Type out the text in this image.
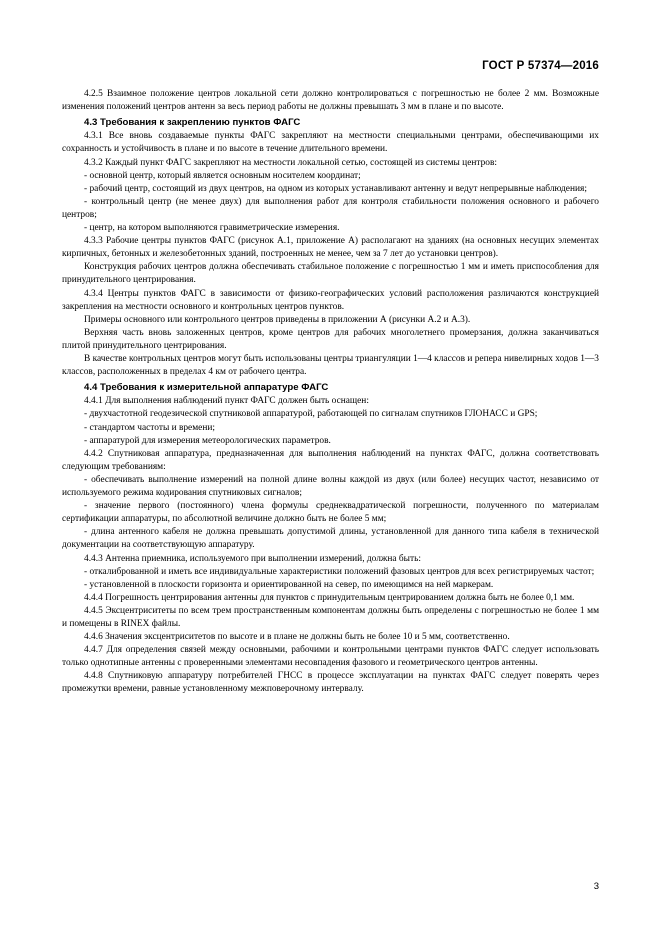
ГОСТ Р 57374—2016

4.2.5 Взаимное положение центров локальной сети должно контролироваться с погрешностью не более 2 мм. Возможные изменения положений центров антенн за весь период работы не должны превышать 3 мм в плане и по высоте.

4.3 Требования к закреплению пунктов ФАГС

4.3.1 Все вновь создаваемые пункты ФАГС закрепляют на местности специальными центрами, обеспечивающими их сохранность и устойчивость в плане и по высоте в течение длительного времени.

4.3.2 Каждый пункт ФАГС закрепляют на местности локальной сетью, состоящей из системы центров:

- основной центр, который является основным носителем координат;

- рабочий центр, состоящий из двух центров, на одном из которых устанавливают антенну и ведут непрерывные наблюдения;

- контрольный центр (не менее двух) для выполнения работ для контроля стабильности положения основного и рабочего центров;

- центр, на котором выполняются гравиметрические измерения.

4.3.3 Рабочие центры пунктов ФАГС (рисунок А.1, приложение А) располагают на зданиях (на основных несущих элементах кирпичных, бетонных и железобетонных зданий, построенных не менее, чем за 7 лет до установки центров).

Конструкция рабочих центров должна обеспечивать стабильное положение с погрешностью 1 мм и иметь приспособления для принудительного центрирования.

4.3.4 Центры пунктов ФАГС в зависимости от физико-географических условий расположения различаются конструкцией закрепления на местности основного и контрольных центров пунктов.

Примеры основного или контрольного центров приведены в приложении А (рисунки А.2 и А.3).

Верхняя часть вновь заложенных центров, кроме центров для рабочих многолетнего промерзания, должна заканчиваться плитой принудительного центрирования.

В качестве контрольных центров могут быть использованы центры триангуляции 1—4 классов и репера нивелирных ходов 1—3 классов, расположенных в пределах 4 км от рабочего центра.

4.4 Требования к измерительной аппаратуре ФАГС

4.4.1 Для выполнения наблюдений пункт ФАГС должен быть оснащен:

- двухчастотной геодезической спутниковой аппаратурой, работающей по сигналам спутников ГЛОНАСС и GPS;

- стандартом частоты и времени;

- аппаратурой для измерения метеорологических параметров.

4.4.2 Спутниковая аппаратура, предназначенная для выполнения наблюдений на пунктах ФАГС, должна соответствовать следующим требованиям:

- обеспечивать выполнение измерений на полной длине волны каждой из двух (или более) несущих частот, независимо от используемого режима кодирования спутниковых сигналов;

- значение первого (постоянного) члена формулы среднеквадратической погрешности, полученного по материалам сертификации аппаратуры, по абсолютной величине должно быть не более 5 мм;

- длина антенного кабеля не должна превышать допустимой длины, установленной для данного типа кабеля в технической документации на соответствующую аппаратуру.

4.4.3 Антенна приемника, используемого при выполнении измерений, должна быть:

- откалиброванной и иметь все индивидуальные характеристики положений фазовых центров для всех регистрируемых частот;

- установленной в плоскости горизонта и ориентированной на север, по имеющимся на ней маркерам.

4.4.4 Погрешность центрирования антенны для пунктов с принудительным центрированием должна быть не более 0,1 мм.

4.4.5 Эксцентриситеты по всем трем пространственным компонентам должны быть определены с погрешностью не более 1 мм и помещены в RINEX файлы.

4.4.6 Значения эксцентриситетов по высоте и в плане не должны быть не более 10 и 5 мм, соответственно.

4.4.7 Для определения связей между основными, рабочими и контрольными центрами пунктов ФАГС следует использовать только однотипные антенны с проверенными элементами несовпадения фазового и геометрического центров антенны.

4.4.8 Спутниковую аппаратуру потребителей ГНСС в процессе эксплуатации на пунктах ФАГС следует поверять через промежутки времени, равные установленному межповерочному интервалу.

3
